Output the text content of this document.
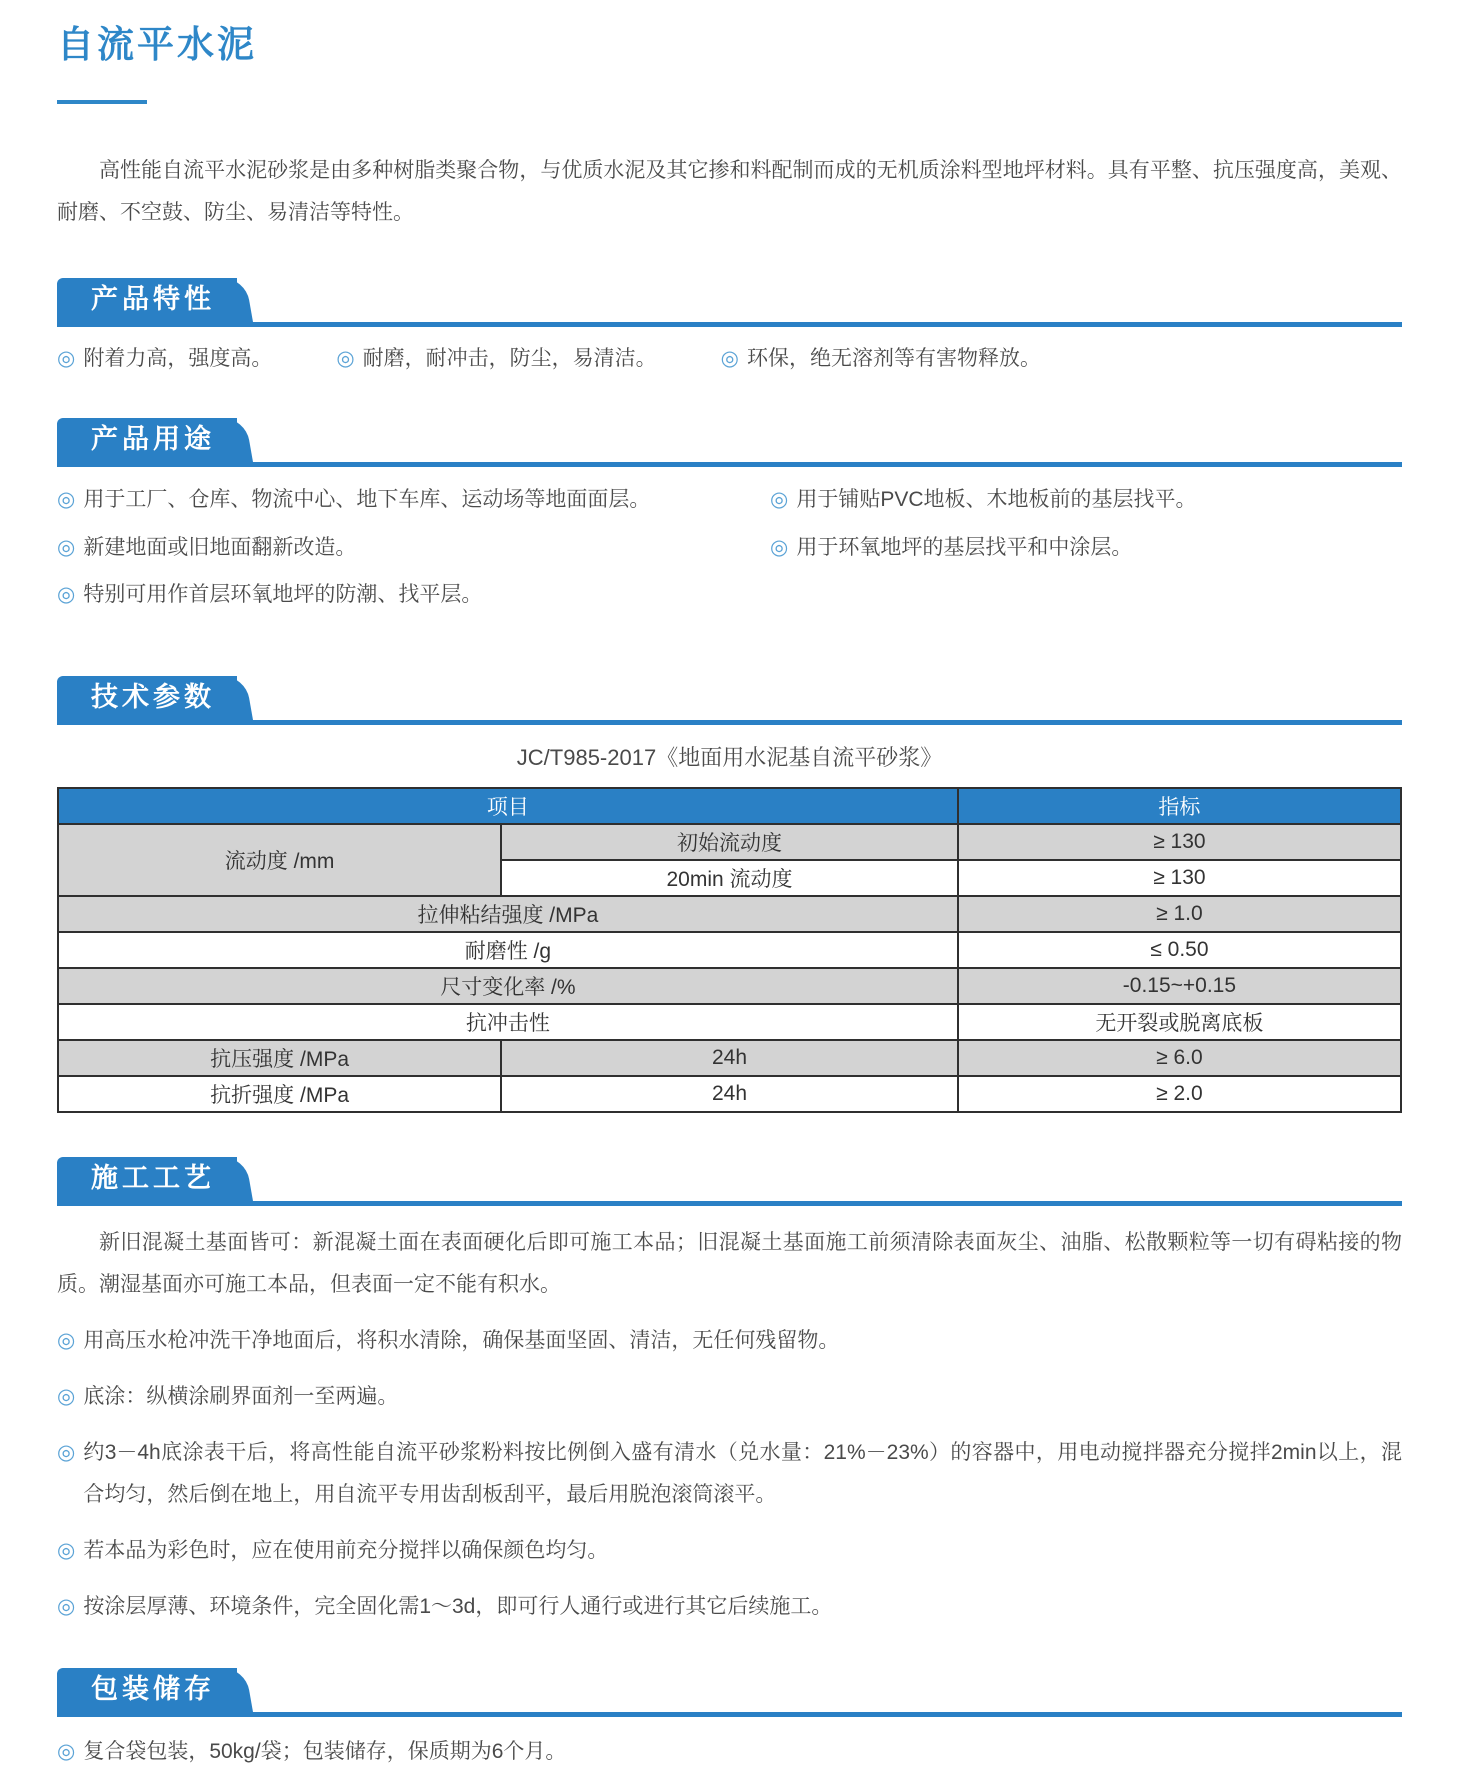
自流平水泥

高性能自流平水泥砂浆是由多种树脂类聚合物，与优质水泥及其它掺和料配制而成的无机质涂料型地坪材料。具有平整、抗压强度高，美观、耐磨、不空鼓、防尘、易清洁等特性。

产品特性
◎ 附着力高，强度高。	◎ 耐磨，耐冲击，防尘，易清洁。	◎ 环保，绝无溶剂等有害物释放。
产品用途
◎ 用于工厂、仓库、物流中心、地下车库、运动场等地面面层。
◎ 新建地面或旧地面翻新改造。
◎ 特别可用作首层环氧地坪的防潮、找平层。
◎ 用于铺贴PVC地板、木地板前的基层找平。
◎ 用于环氧地坪的基层找平和中涂层。
技术参数
JC/T985-2017《地面用水泥基自流平砂浆》
项目		指标
流动度 /mm	初始流动度	≥ 130
	20min 流动度	≥ 130
拉伸粘结强度 /MPa		≥ 1.0
耐磨性 /g		≤ 0.50
尺寸变化率 /%		-0.15~+0.15
抗冲击性		无开裂或脱离底板
抗压强度 /MPa	24h	≥ 6.0
抗折强度 /MPa	24h	≥ 2.0
施工工艺

新旧混凝土基面皆可：新混凝土面在表面硬化后即可施工本品；旧混凝土基面施工前须清除表面灰尘、油脂、松散颗粒等一切有碍粘接的物质。潮湿基面亦可施工本品，但表面一定不能有积水。

◎ 用高压水枪冲洗干净地面后，将积水清除，确保基面坚固、清洁，无任何残留物。
◎ 底涂：纵横涂刷界面剂一至两遍。
◎ 约3－4h底涂表干后，将高性能自流平砂浆粉料按比例倒入盛有清水（兑水量：21%－23%）的容器中，用电动搅拌器充分搅拌2min以上，混合均匀，然后倒在地上，用自流平专用齿刮板刮平，最后用脱泡滚筒滚平。
◎ 若本品为彩色时，应在使用前充分搅拌以确保颜色均匀。
◎ 按涂层厚薄、环境条件，完全固化需1～3d，即可行人通行或进行其它后续施工。
包装储存
◎ 复合袋包装，50kg/袋；包装储存，保质期为6个月。
